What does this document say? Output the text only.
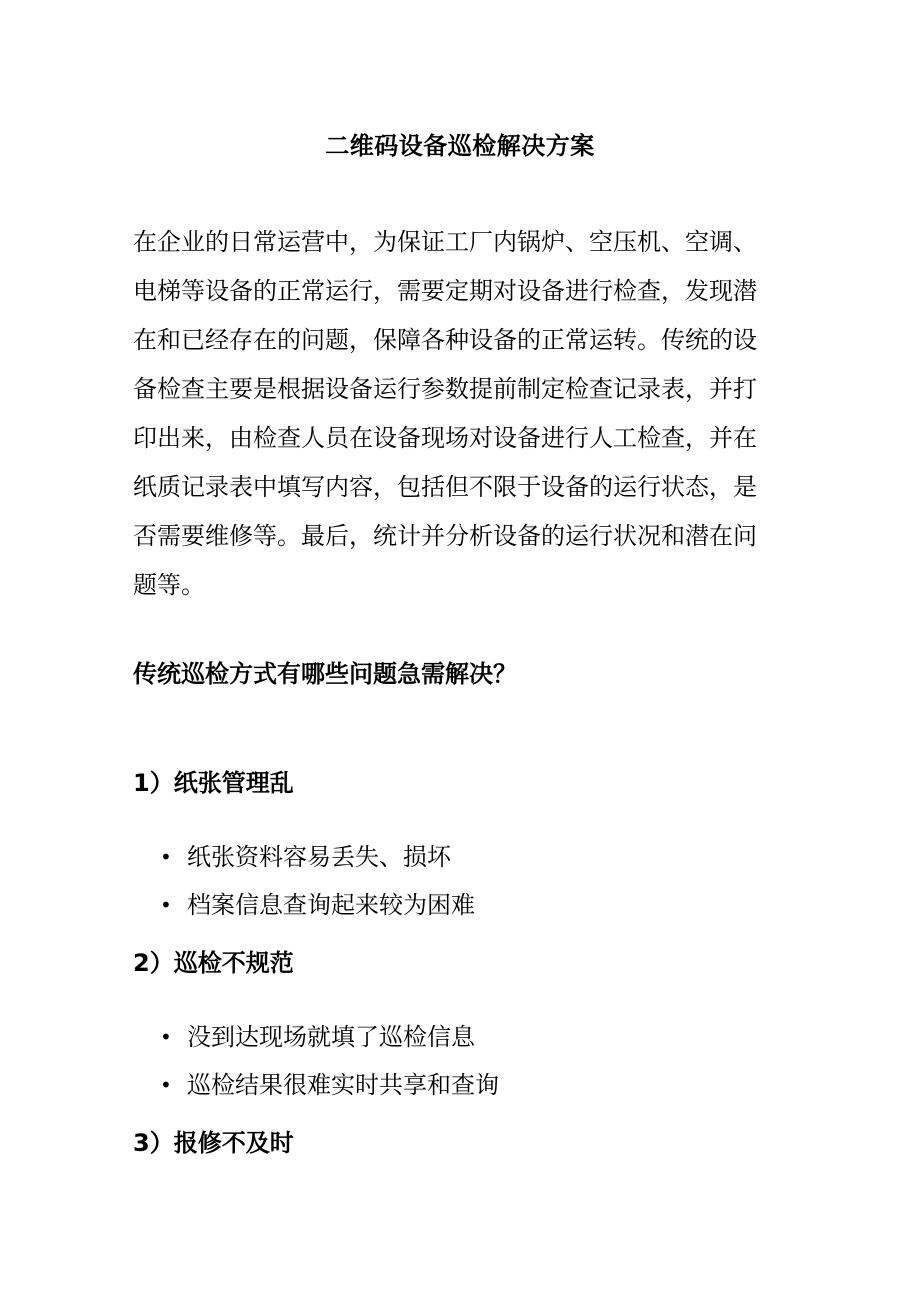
二维码设备巡检解决方案
在企业的日常运营中，为保证工厂内锅炉、空压机、空调、
电梯等设备的正常运行，需要定期对设备进行检查，发现潜
在和已经存在的问题，保障各种设备的正常运转。传统的设
备检查主要是根据设备运行参数提前制定检查记录表，并打
印出来，由检查人员在设备现场对设备进行人工检查，并在
纸质记录表中填写内容，包括但不限于设备的运行状态，是
否需要维修等。最后，统计并分析设备的运行状况和潜在问
题等。
传统巡检方式有哪些问题急需解决？
1）纸张管理乱
• 纸张资料容易丢失、损坏
• 档案信息查询起来较为困难
2）巡检不规范
• 没到达现场就填了巡检信息
• 巡检结果很难实时共享和查询
3）报修不及时
